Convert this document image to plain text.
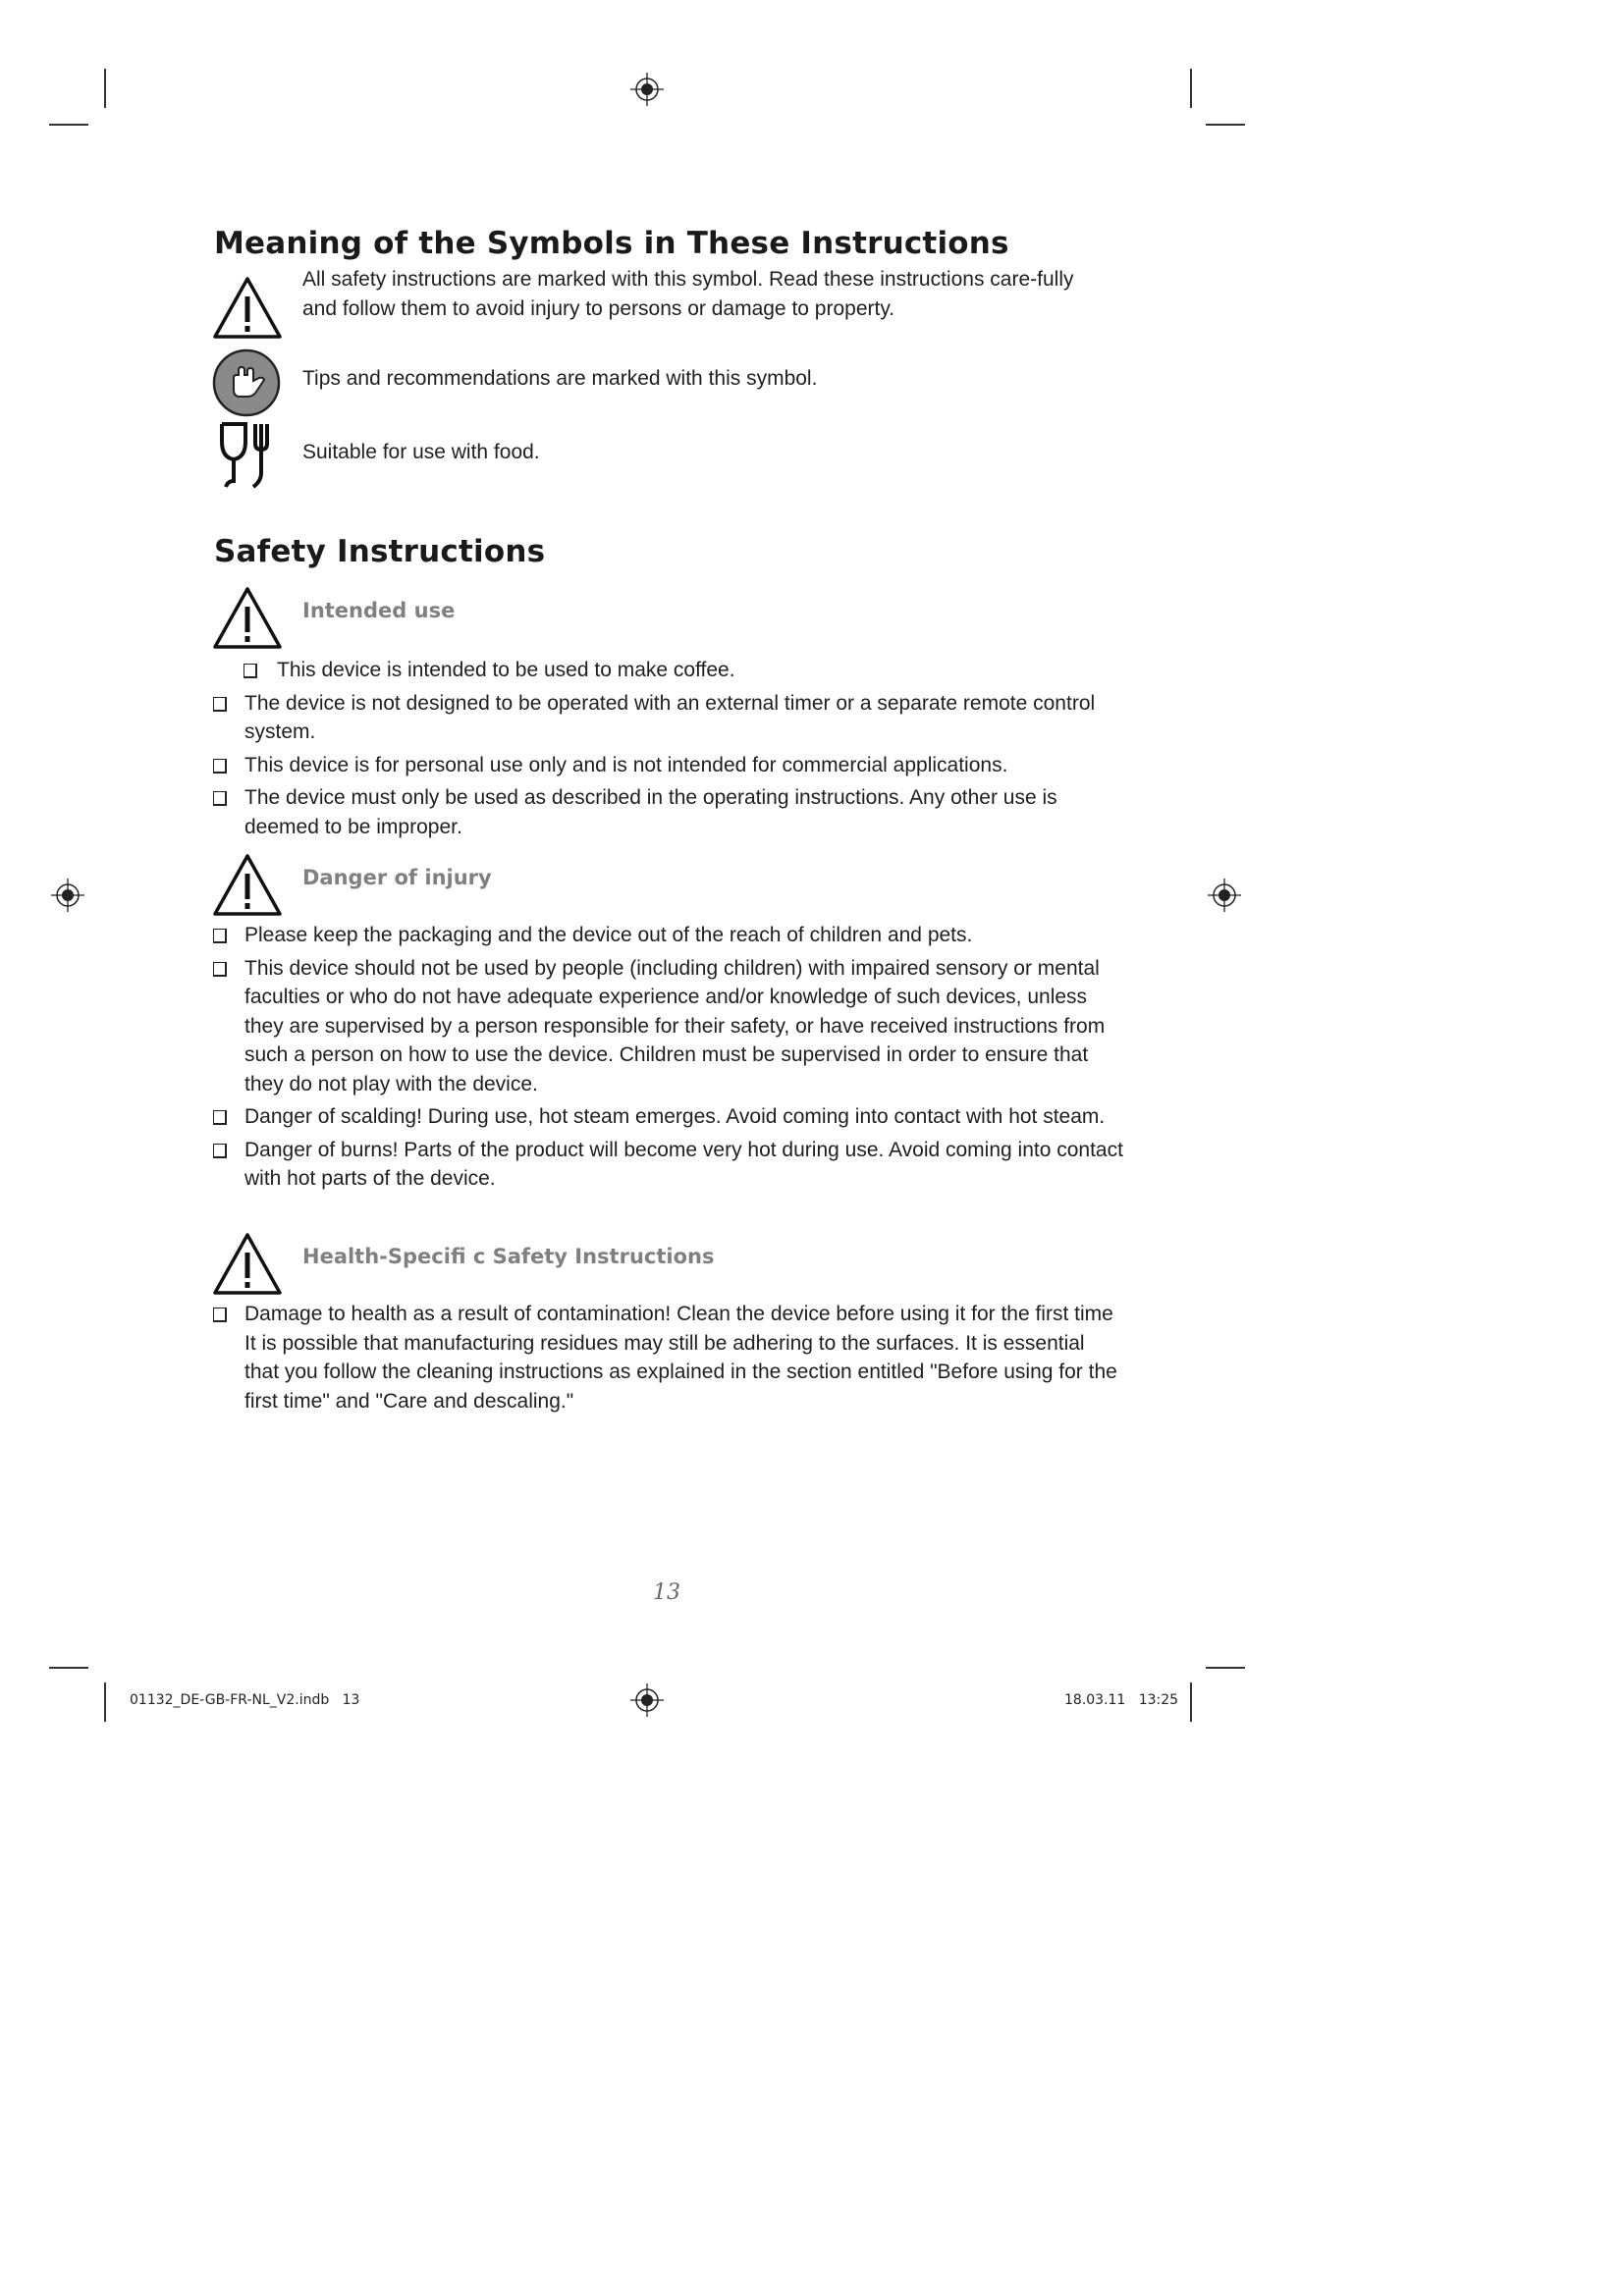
Meaning of the Symbols in These Instructions
All safety instructions are marked with this symbol. Read these instructions care-fully and follow them to avoid injury to persons or damage to property.
Tips and recommendations are marked with this symbol.
Suitable for use with food.
Safety Instructions
Intended use
This device is intended to be used to make coffee.
The device is not designed to be operated with an external timer or a separate remote control system.
This device is for personal use only and is not intended for commercial applications.
The device must only be used as described in the operating instructions. Any other use is deemed to be improper.
Danger of injury
Please keep the packaging and the device out of the reach of children and pets.
This device should not be used by people (including children) with impaired sensory or mental faculties or who do not have adequate experience and/or knowledge of such devices, unless they are supervised by a person responsible for their safety, or have received instructions from such a person on how to use the device. Children must be supervised in order to ensure that they do not play with the device.
Danger of scalding! During use, hot steam emerges. Avoid coming into contact with hot steam.
Danger of burns! Parts of the product will become very hot during use. Avoid coming into contact with hot parts of the device.
Health-Specifi c Safety Instructions
Damage to health as a result of contamination! Clean the device before using it for the first time It is possible that manufacturing residues may still be adhering to the surfaces. It is essential that you follow the cleaning instructions as explained in the section entitled "Before using for the first time" and "Care and descaling."
13
01132_DE-GB-FR-NL_V2.indb   13	18.03.11   13:25
